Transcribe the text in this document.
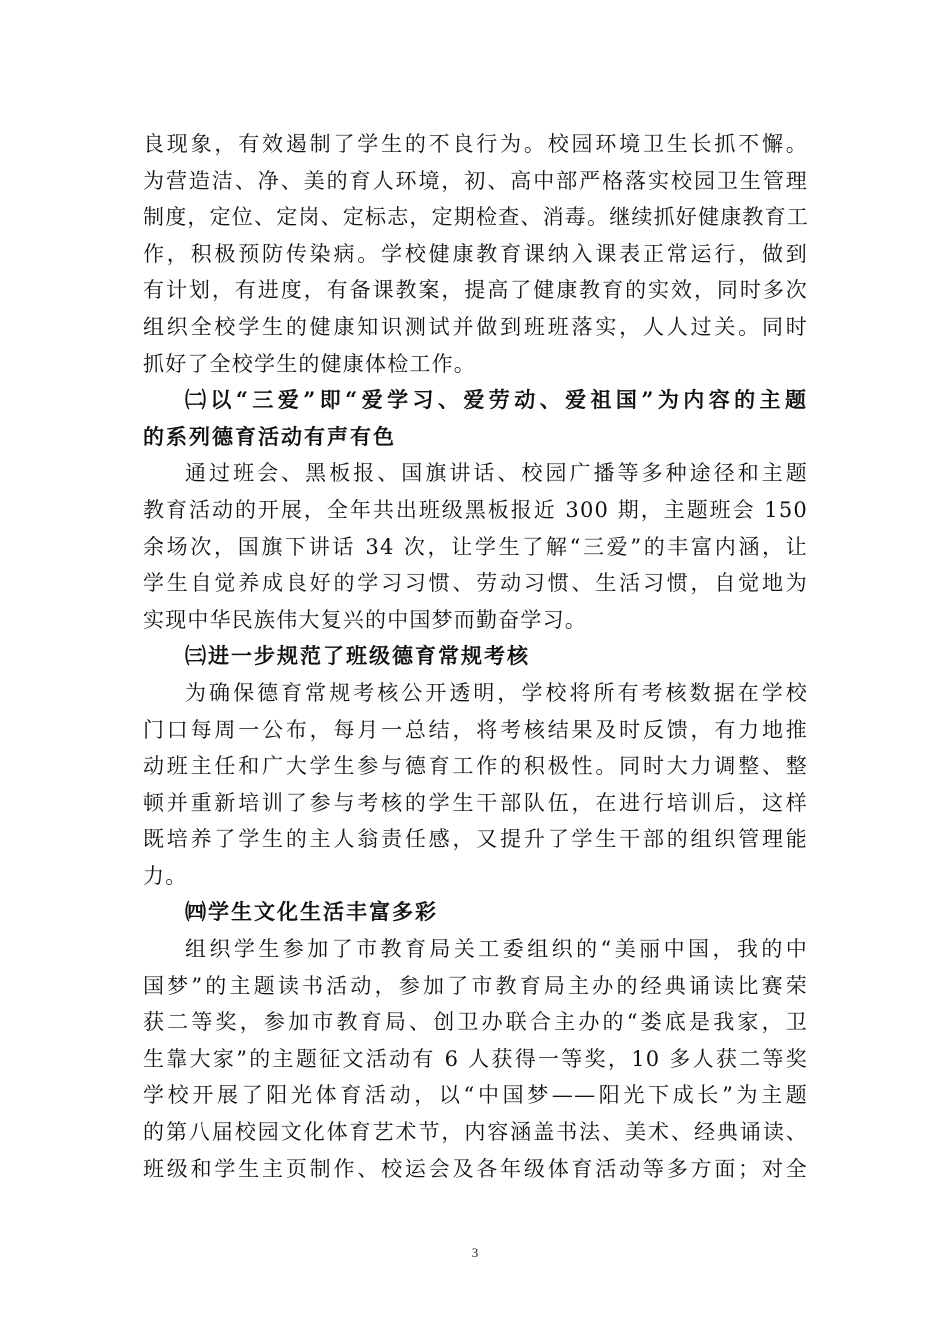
良现象，有效遏制了学生的不良行为。校园环境卫生长抓不懈。
为营造洁、净、美的育人环境，初、高中部严格落实校园卫生管理
制度，定位、定岗、定标志，定期检查、消毒。继续抓好健康教育工
作，积极预防传染病。学校健康教育课纳入课表正常运行，做到
有计划，有进度，有备课教案，提高了健康教育的实效，同时多次
组织全校学生的健康知识测试并做到班班落实，人人过关。同时
抓好了全校学生的健康体检工作。
㈡以“三爱”即“爱学习、爱劳动、爱祖国”为内容的主题
的系列德育活动有声有色
通过班会、黑板报、国旗讲话、校园广播等多种途径和主题
教育活动的开展，全年共出班级黑板报近 300 期，主题班会 150
余场次，国旗下讲话 34 次，让学生了解“三爱”的丰富内涵，让
学生自觉养成良好的学习习惯、劳动习惯、生活习惯，自觉地为
实现中华民族伟大复兴的中国梦而勤奋学习。
㈢进一步规范了班级德育常规考核
为确保德育常规考核公开透明，学校将所有考核数据在学校
门口每周一公布，每月一总结，将考核结果及时反馈，有力地推
动班主任和广大学生参与德育工作的积极性。同时大力调整、整
顿并重新培训了参与考核的学生干部队伍，在进行培训后，这样
既培养了学生的主人翁责任感，又提升了学生干部的组织管理能
力。
㈣学生文化生活丰富多彩
组织学生参加了市教育局关工委组织的“美丽中国，我的中
国梦”的主题读书活动，参加了市教育局主办的经典诵读比赛荣
获二等奖，参加市教育局、创卫办联合主办的“娄底是我家，卫
生靠大家”的主题征文活动有 6 人获得一等奖，10 多人获二等奖
学校开展了阳光体育活动，以“中国梦——阳光下成长”为主题
的第八届校园文化体育艺术节，内容涵盖书法、美术、经典诵读、
班级和学生主页制作、校运会及各年级体育活动等多方面；对全
3
